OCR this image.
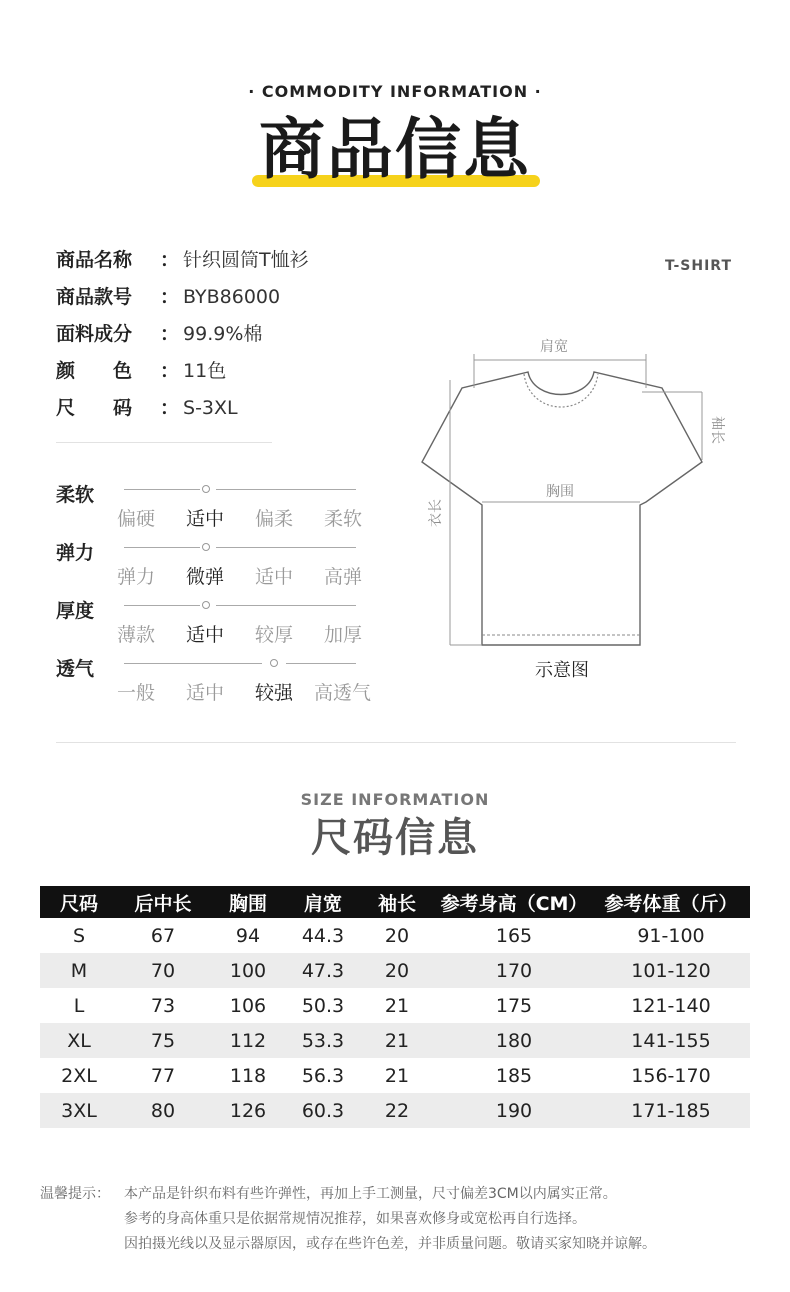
· COMMODITY INFORMATION ·
商品信息
商品名称 ： 针织圆筒T恤衫
商品款号 ： BYB86000
面料成分 ： 99.9%棉
颜　　色 ： 11色
尺　　码 ： S-3XL
柔软
偏硬 适中 偏柔 柔软
弹力
弹力 微弹 适中 高弹
厚度
薄款 适中 较厚 加厚
透气
一般 适中 较强 高透气
T-SHIRT
肩宽
袖长
胸围
衣长
示意图
SIZE INFORMATION
尺码信息
尺码	后中长	胸围	肩宽	袖长	参考身高（CM）	参考体重（斤）
S	67	94	44.3	20	165	91-100
M	70	100	47.3	20	170	101-120
L	73	106	50.3	21	175	121-140
XL	75	112	53.3	21	180	141-155
2XL	77	118	56.3	21	185	156-170
3XL	80	126	60.3	22	190	171-185
温馨提示： 本产品是针织布料有些许弹性，再加上手工测量，尺寸偏差3CM以内属实正常。
参考的身高体重只是依据常规情况推荐，如果喜欢修身或宽松再自行选择。
因拍摄光线以及显示器原因，或存在些许色差，并非质量问题。敬请买家知晓并谅解。
